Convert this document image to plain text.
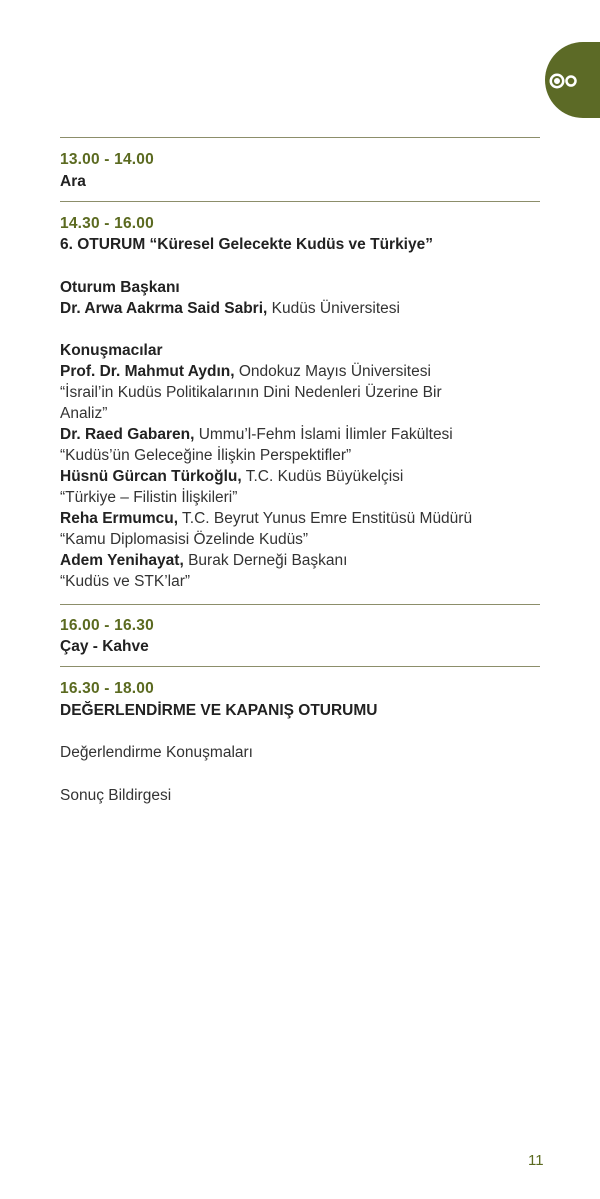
13.00 - 14.00
Ara
14.30 - 16.00
6. OTURUM “Küresel Gelecekte Kudüs ve Türkiye”
Oturum Başkanı
Dr. Arwa Aakrma Said Sabri, Kudüs Üniversitesi
Konuşmacılar
Prof. Dr. Mahmut Aydın, Ondokuz Mayıs Üniversitesi
“İsrail’in Kudüs Politikalarının Dini Nedenleri Üzerine Bir
Analiz”
Dr. Raed Gabaren, Ummu’l-Fehm İslami İlimler Fakültesi
“Kudüs’ün Geleceğine İlişkin Perspektifler”
Hüsnü Gürcan Türkoğlu, T.C. Kudüs Büyükelçisi
“Türkiye – Filistin İlişkileri”
Reha Ermumcu, T.C. Beyrut Yunus Emre Enstitüsü Müdürü
“Kamu Diplomasisi Özelinde Kudüs”
Adem Yenihayat, Burak Derneği Başkanı
“Kudüs ve STK’lar”
16.00 - 16.30
Çay - Kahve
16.30 - 18.00
DEĞERLENDİRME VE KAPANIŞ OTURUMU
Değerlendirme Konuşmaları
Sonuç Bildirgesi
11
